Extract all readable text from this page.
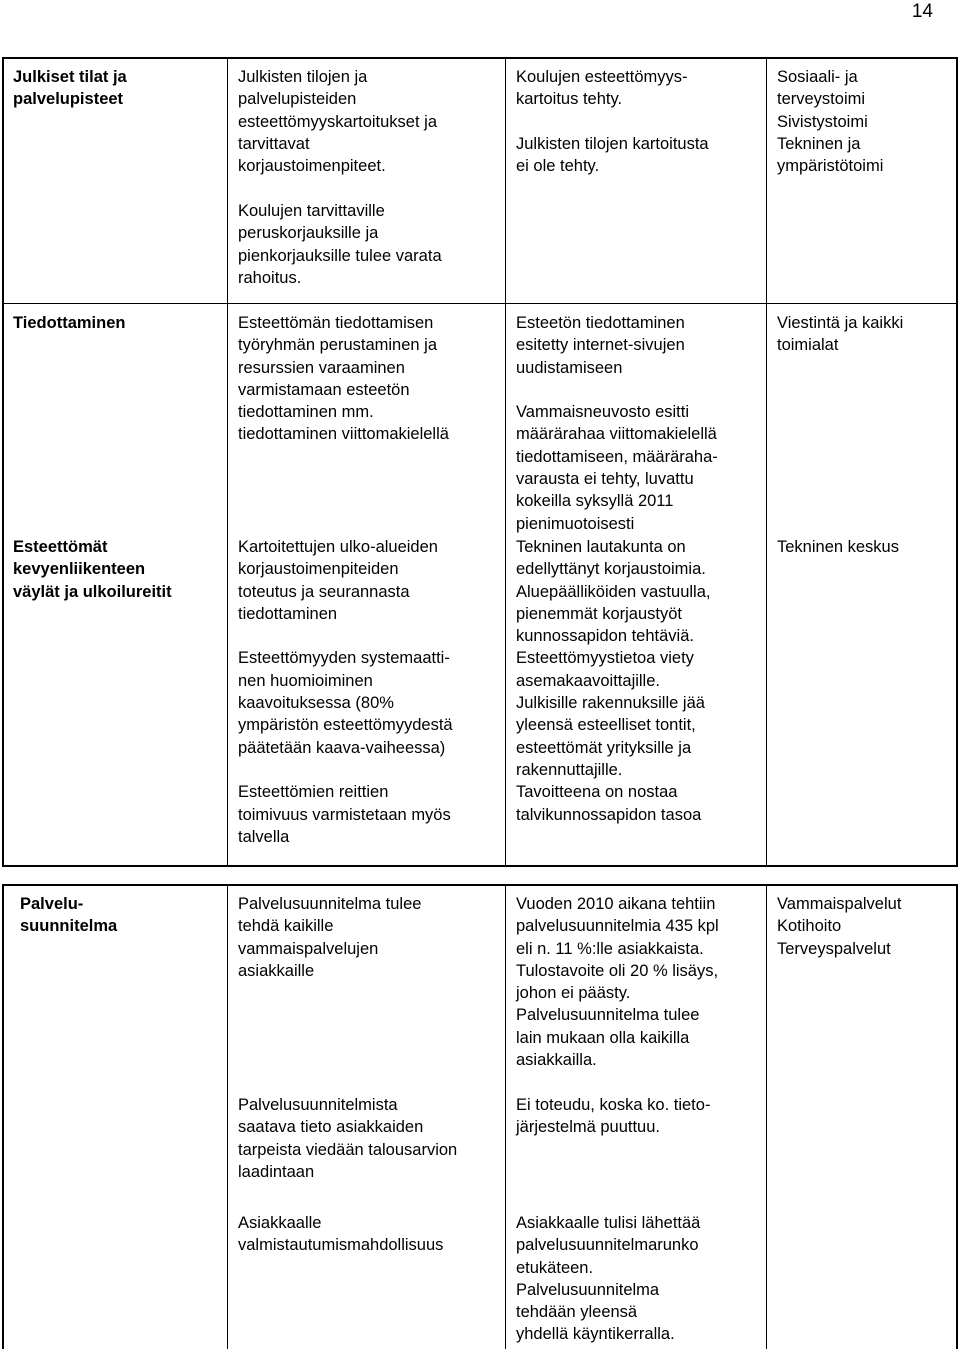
14

Julkiset tilat ja

palvelupisteet

Julkisten tilojen ja

palvelupisteiden

esteettömyyskartoitukset ja

tarvittavat

korjaustoimenpiteet.

Koulujen tarvittaville

peruskorjauksille ja

pienkorjauksille tulee varata

rahoitus.

Koulujen esteettömyys-

kartoitus tehty.

Julkisten tilojen kartoitusta

ei ole tehty.

Sosiaali- ja

terveystoimi

Sivistystoimi

Tekninen ja

ympäristötoimi

Tiedottaminen	Esteettömän tiedottamisen

työryhmän perustaminen ja

resurssien varaaminen

varmistamaan esteetön

tiedottaminen mm.

tiedottaminen viittomakielellä

Esteetön tiedottaminen

esitetty internet-sivujen

uudistamiseen

Vammaisneuvosto esitti

määrärahaa viittomakielellä

tiedottamiseen, määräraha-

varausta ei tehty, luvattu

kokeilla syksyllä 2011

pienimuotoisesti

Viestintä ja kaikki

toimialat

Esteettömät

kevyenliikenteen

väylät ja ulkoilureitit

Kartoitettujen ulko-alueiden

korjaustoimenpiteiden

toteutus ja seurannasta

tiedottaminen

Esteettömyyden systemaatti-

nen huomioiminen

kaavoituksessa (80%

ympäristön esteettömyydestä

päätetään kaava-vaiheessa)

Esteettömien reittien

toimivuus varmistetaan myös

talvella

Tekninen lautakunta on

edellyttänyt korjaustoimia.

Aluepäälliköiden vastuulla,

pienemmät korjaustyöt

kunnossapidon tehtäviä.

Esteettömyystietoa viety

asemakaavoittajille.

Julkisille rakennuksille jää

yleensä esteelliset tontit,

esteettömät yrityksille ja

rakennuttajille.

Tavoitteena on nostaa

talvikunnossapidon tasoa

Tekninen keskus

Palvelu-

suunnitelma

Palvelusuunnitelma tulee

tehdä kaikille

vammaispalvelujen

asiakkaille

Vuoden 2010 aikana tehtiin

palvelusuunnitelmia 435 kpl

eli n. 11 %:lle asiakkaista.

Tulostavoite oli 20 % lisäys,

johon ei päästy.

Palvelusuunnitelma tulee

lain mukaan olla kaikilla

asiakkailla.

Palvelusuunnitelmista

saatava tieto asiakkaiden

tarpeista viedään talousarvion

laadintaan

Ei toteudu, koska ko. tieto-

järjestelmä puuttuu.

Asiakkaalle

valmistautumismahdollisuus

Asiakkaalle tulisi lähettää

palvelusuunnitelmarunko

etukäteen.

Palvelusuunnitelma

tehdään yleensä

yhdellä käyntikerralla.

Vammaispalvelut

Kotihoito

Terveyspalvelut
